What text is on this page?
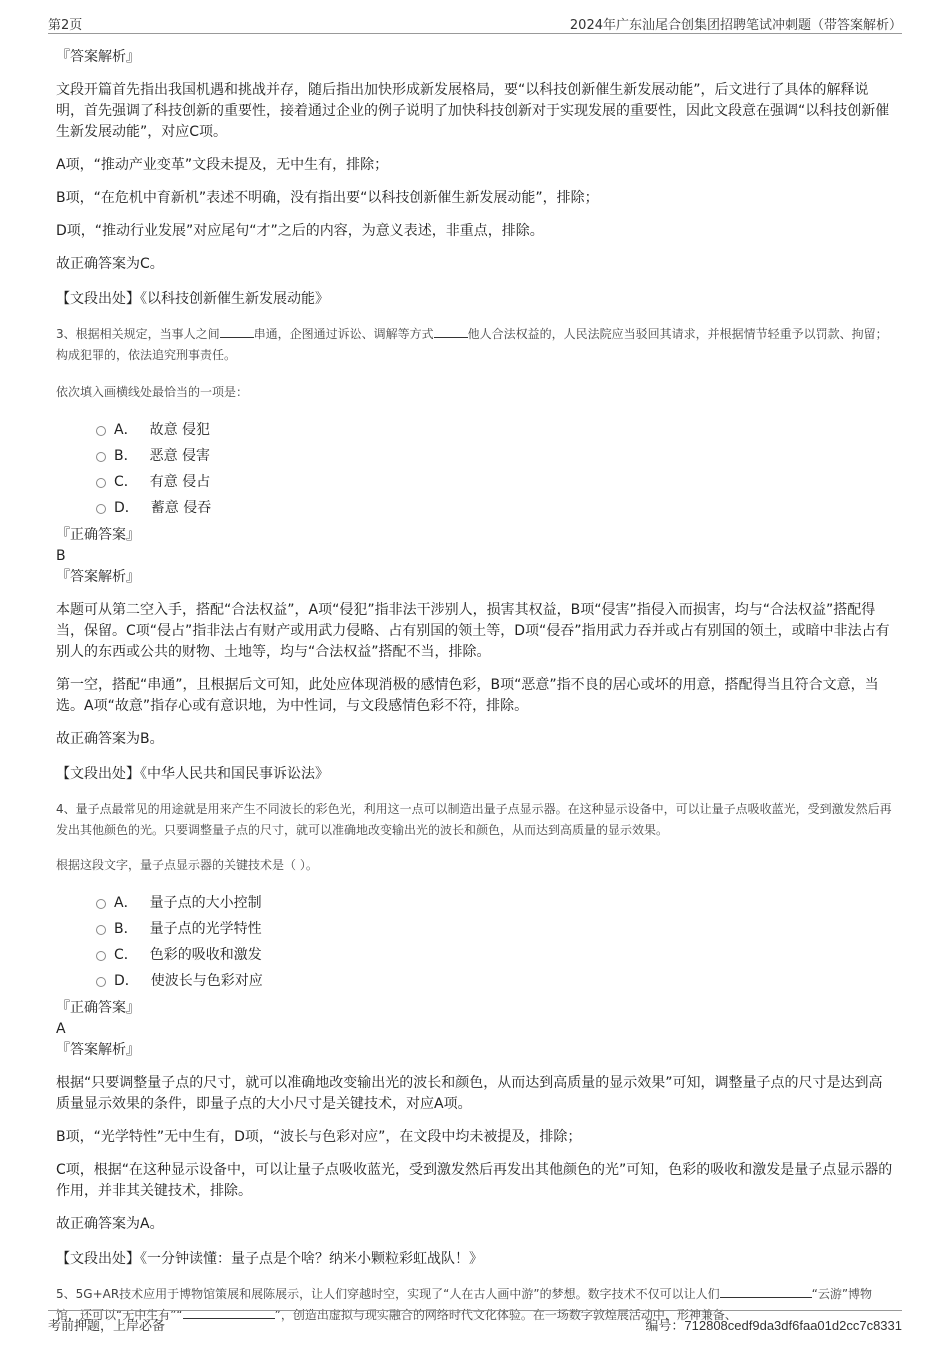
第2页	2024年广东汕尾合创集团招聘笔试冲刺题（带答案解析）
『答案解析』
文段开篇首先指出我国机遇和挑战并存，随后指出加快形成新发展格局，要“以科技创新催生新发展动能”，后文进行了具体的解释说明，首先强调了科技创新的重要性，接着通过企业的例子说明了加快科技创新对于实现发展的重要性，因此文段意在强调“以科技创新催生新发展动能”，对应C项。
A项，“推动产业变革”文段未提及，无中生有，排除；
B项，“在危机中育新机”表述不明确，没有指出要“以科技创新催生新发展动能”，排除；
D项，“推动行业发展”对应尾句“才”之后的内容，为意义表述，非重点，排除。
故正确答案为C。
【文段出处】《以科技创新催生新发展动能》
3、根据相关规定，当事人之间	串通，企图通过诉讼、调解等方式	他人合法权益的，人民法院应当驳回其请求，并根据情节轻重予以罚款、拘留；构成犯罪的，依法追究刑事责任。
依次填入画横线处最恰当的一项是：
A． 故意 侵犯
B． 恶意 侵害
C． 有意 侵占
D． 蓄意 侵吞
『正确答案』
B
『答案解析』
本题可从第二空入手，搭配“合法权益”，A项“侵犯”指非法干涉别人，损害其权益，B项“侵害”指侵入而损害，均与“合法权益”搭配得当，保留。C项“侵占”指非法占有财产或用武力侵略、占有别国的领土等，D项“侵吞”指用武力吞并或占有别国的领土，或暗中非法占有别人的东西或公共的财物、土地等，均与“合法权益”搭配不当，排除。
第一空，搭配“串通”，且根据后文可知，此处应体现消极的感情色彩，B项“恶意”指不良的居心或坏的用意，搭配得当且符合文意，当选。A项“故意”指存心或有意识地，为中性词，与文段感情色彩不符，排除。
故正确答案为B。
【文段出处】《中华人民共和国民事诉讼法》
4、量子点最常见的用途就是用来产生不同波长的彩色光，利用这一点可以制造出量子点显示器。在这种显示设备中，可以让量子点吸收蓝光，受到激发然后再发出其他颜色的光。只要调整量子点的尺寸，就可以准确地改变输出光的波长和颜色，从而达到高质量的显示效果。
根据这段文字，量子点显示器的关键技术是（ ）。
A． 量子点的大小控制
B． 量子点的光学特性
C． 色彩的吸收和激发
D． 使波长与色彩对应
『正确答案』
A
『答案解析』
根据“只要调整量子点的尺寸，就可以准确地改变输出光的波长和颜色，从而达到高质量的显示效果”可知，调整量子点的尺寸是达到高质量显示效果的条件，即量子点的大小尺寸是关键技术，对应A项。
B项，“光学特性”无中生有，D项，“波长与色彩对应”，在文段中均未被提及，排除；
C项，根据“在这种显示设备中，可以让量子点吸收蓝光，受到激发然后再发出其他颜色的光”可知，色彩的吸收和激发是量子点显示器的作用，并非其关键技术，排除。
故正确答案为A。
【文段出处】《一分钟读懂：量子点是个啥？纳米小颗粒彩虹战队！》
5、5G+AR技术应用于博物馆策展和展陈展示，让人们穿越时空，实现了“人在古人画中游”的梦想。数字技术不仅可以让人们	“云游”博物馆，还可以“无中生有”“	”，创造出虚拟与现实融合的网络时代文化体验。在一场数字敦煌展活动中，形神兼备、
考前押题，上岸必备	编号：712808cedf9da3df6faa01d2cc7c8331
